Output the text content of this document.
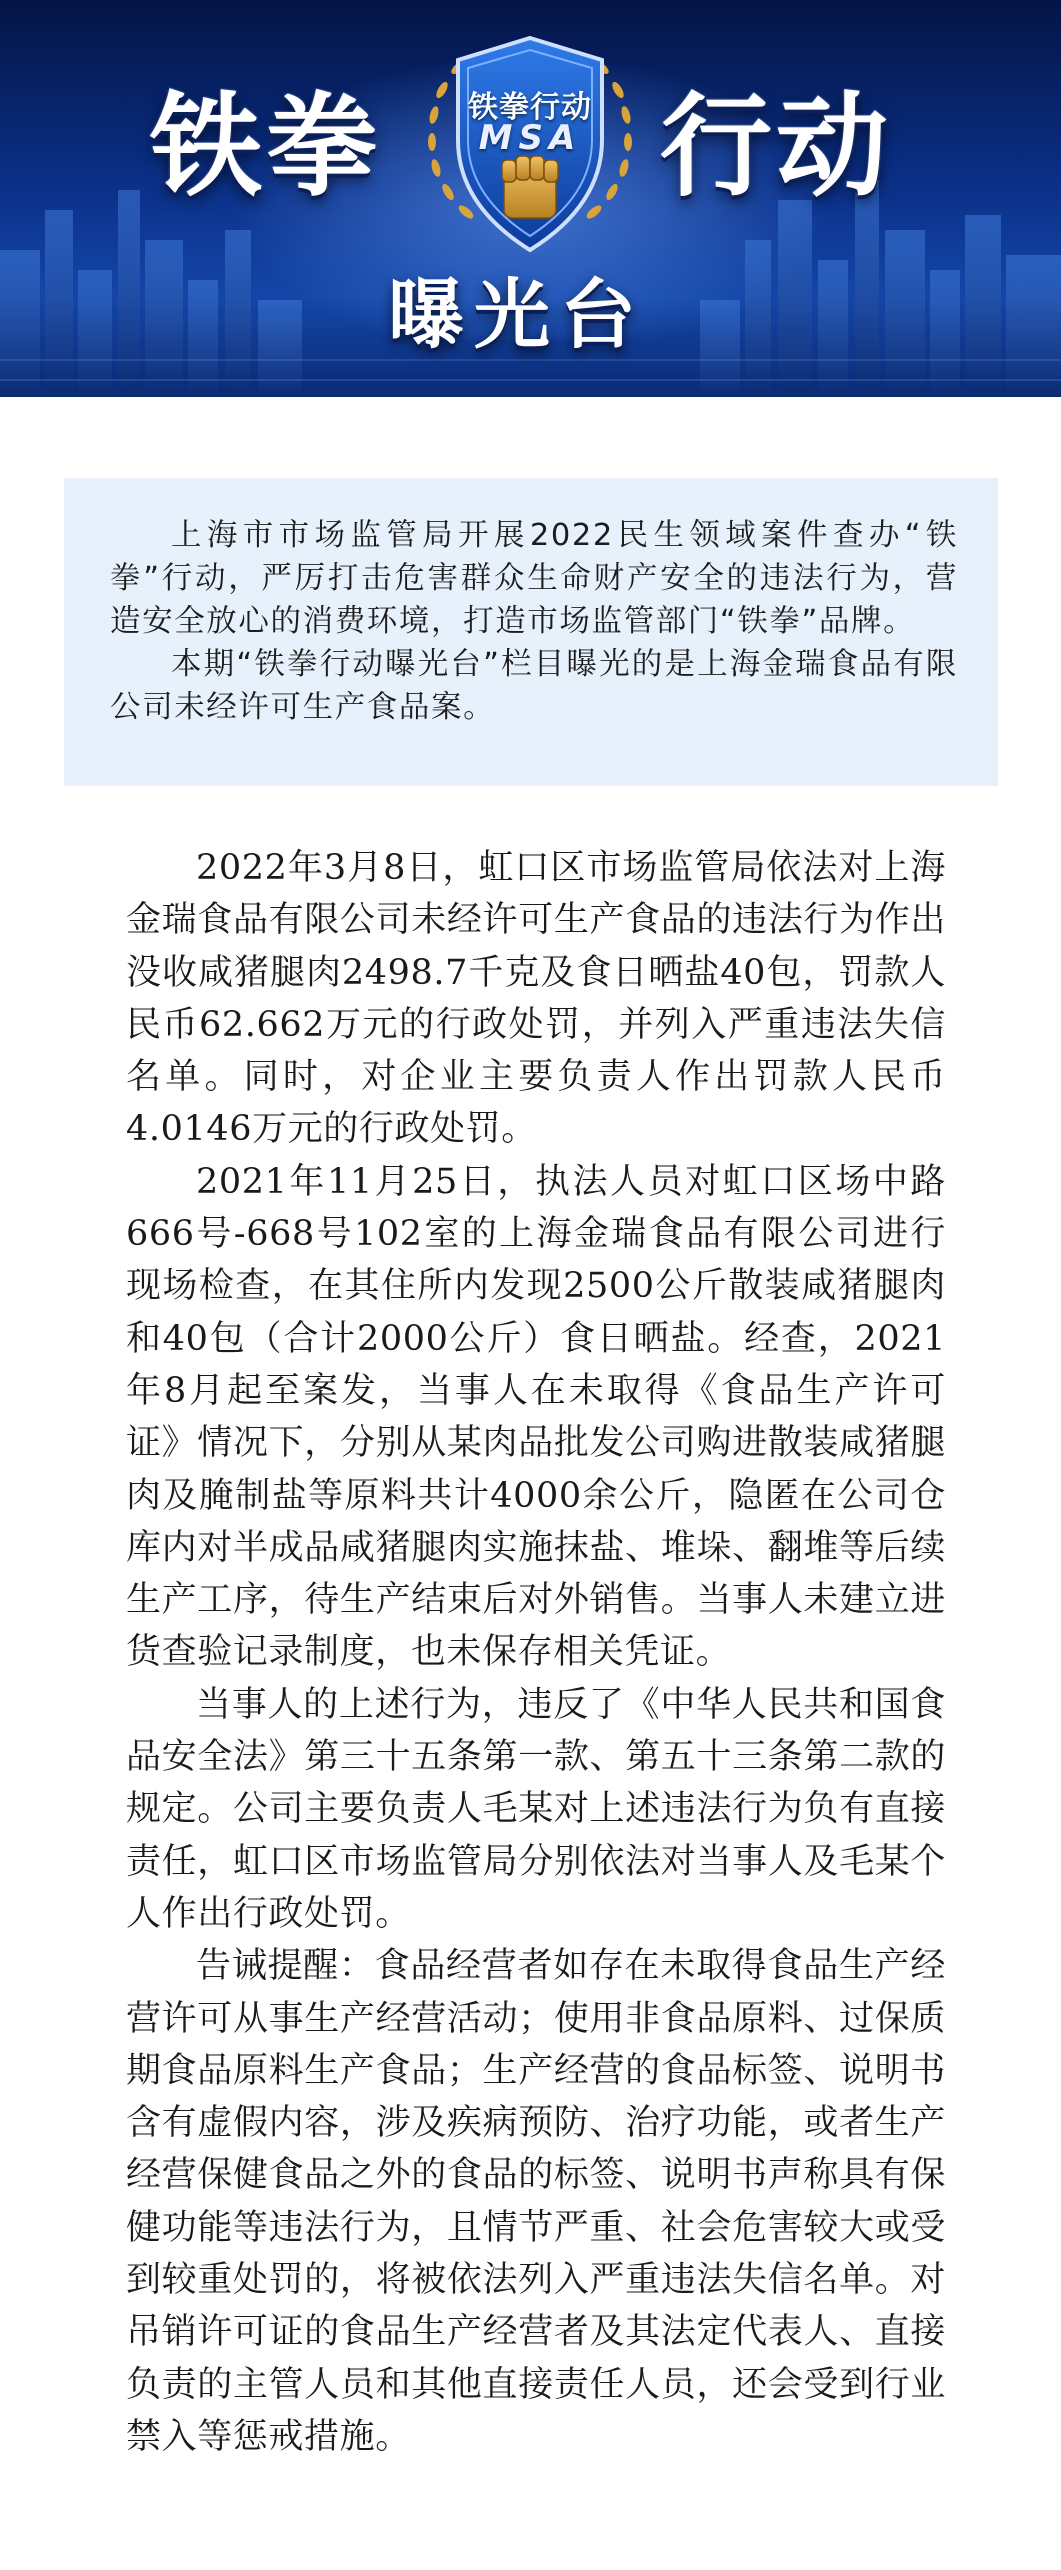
铁拳 行动
铁拳行动
MSA
曝光台

上海市市场监管局开展2022民生领域案件查办“铁拳”行动，严厉打击危害群众生命财产安全的违法行为，营造安全放心的消费环境，打造市场监管部门“铁拳”品牌。

本期“铁拳行动曝光台”栏目曝光的是上海金瑞食品有限公司未经许可生产食品案。

2022年3月8日，虹口区市场监管局依法对上海金瑞食品有限公司未经许可生产食品的违法行为作出没收咸猪腿肉2498.7千克及食日晒盐40包，罚款人民币62.662万元的行政处罚，并列入严重违法失信名单。同时，对企业主要负责人作出罚款人民币4.0146万元的行政处罚。

2021年11月25日，执法人员对虹口区场中路666号-668号102室的上海金瑞食品有限公司进行现场检查，在其住所内发现2500公斤散装咸猪腿肉和40包（合计2000公斤）食日晒盐。经查，2021年8月起至案发，当事人在未取得《食品生产许可证》情况下，分别从某肉品批发公司购进散装咸猪腿肉及腌制盐等原料共计4000余公斤，隐匿在公司仓库内对半成品咸猪腿肉实施抹盐、堆垛、翻堆等后续生产工序，待生产结束后对外销售。当事人未建立进货查验记录制度，也未保存相关凭证。

当事人的上述行为，违反了《中华人民共和国食品安全法》第三十五条第一款、第五十三条第二款的规定。公司主要负责人毛某对上述违法行为负有直接责任，虹口区市场监管局分别依法对当事人及毛某个人作出行政处罚。

告诫提醒：食品经营者如存在未取得食品生产经营许可从事生产经营活动；使用非食品原料、过保质期食品原料生产食品；生产经营的食品标签、说明书含有虚假内容，涉及疾病预防、治疗功能，或者生产经营保健食品之外的食品的标签、说明书声称具有保健功能等违法行为，且情节严重、社会危害较大或受到较重处罚的，将被依法列入严重违法失信名单。对吊销许可证的食品生产经营者及其法定代表人、直接负责的主管人员和其他直接责任人员，还会受到行业禁入等惩戒措施。
